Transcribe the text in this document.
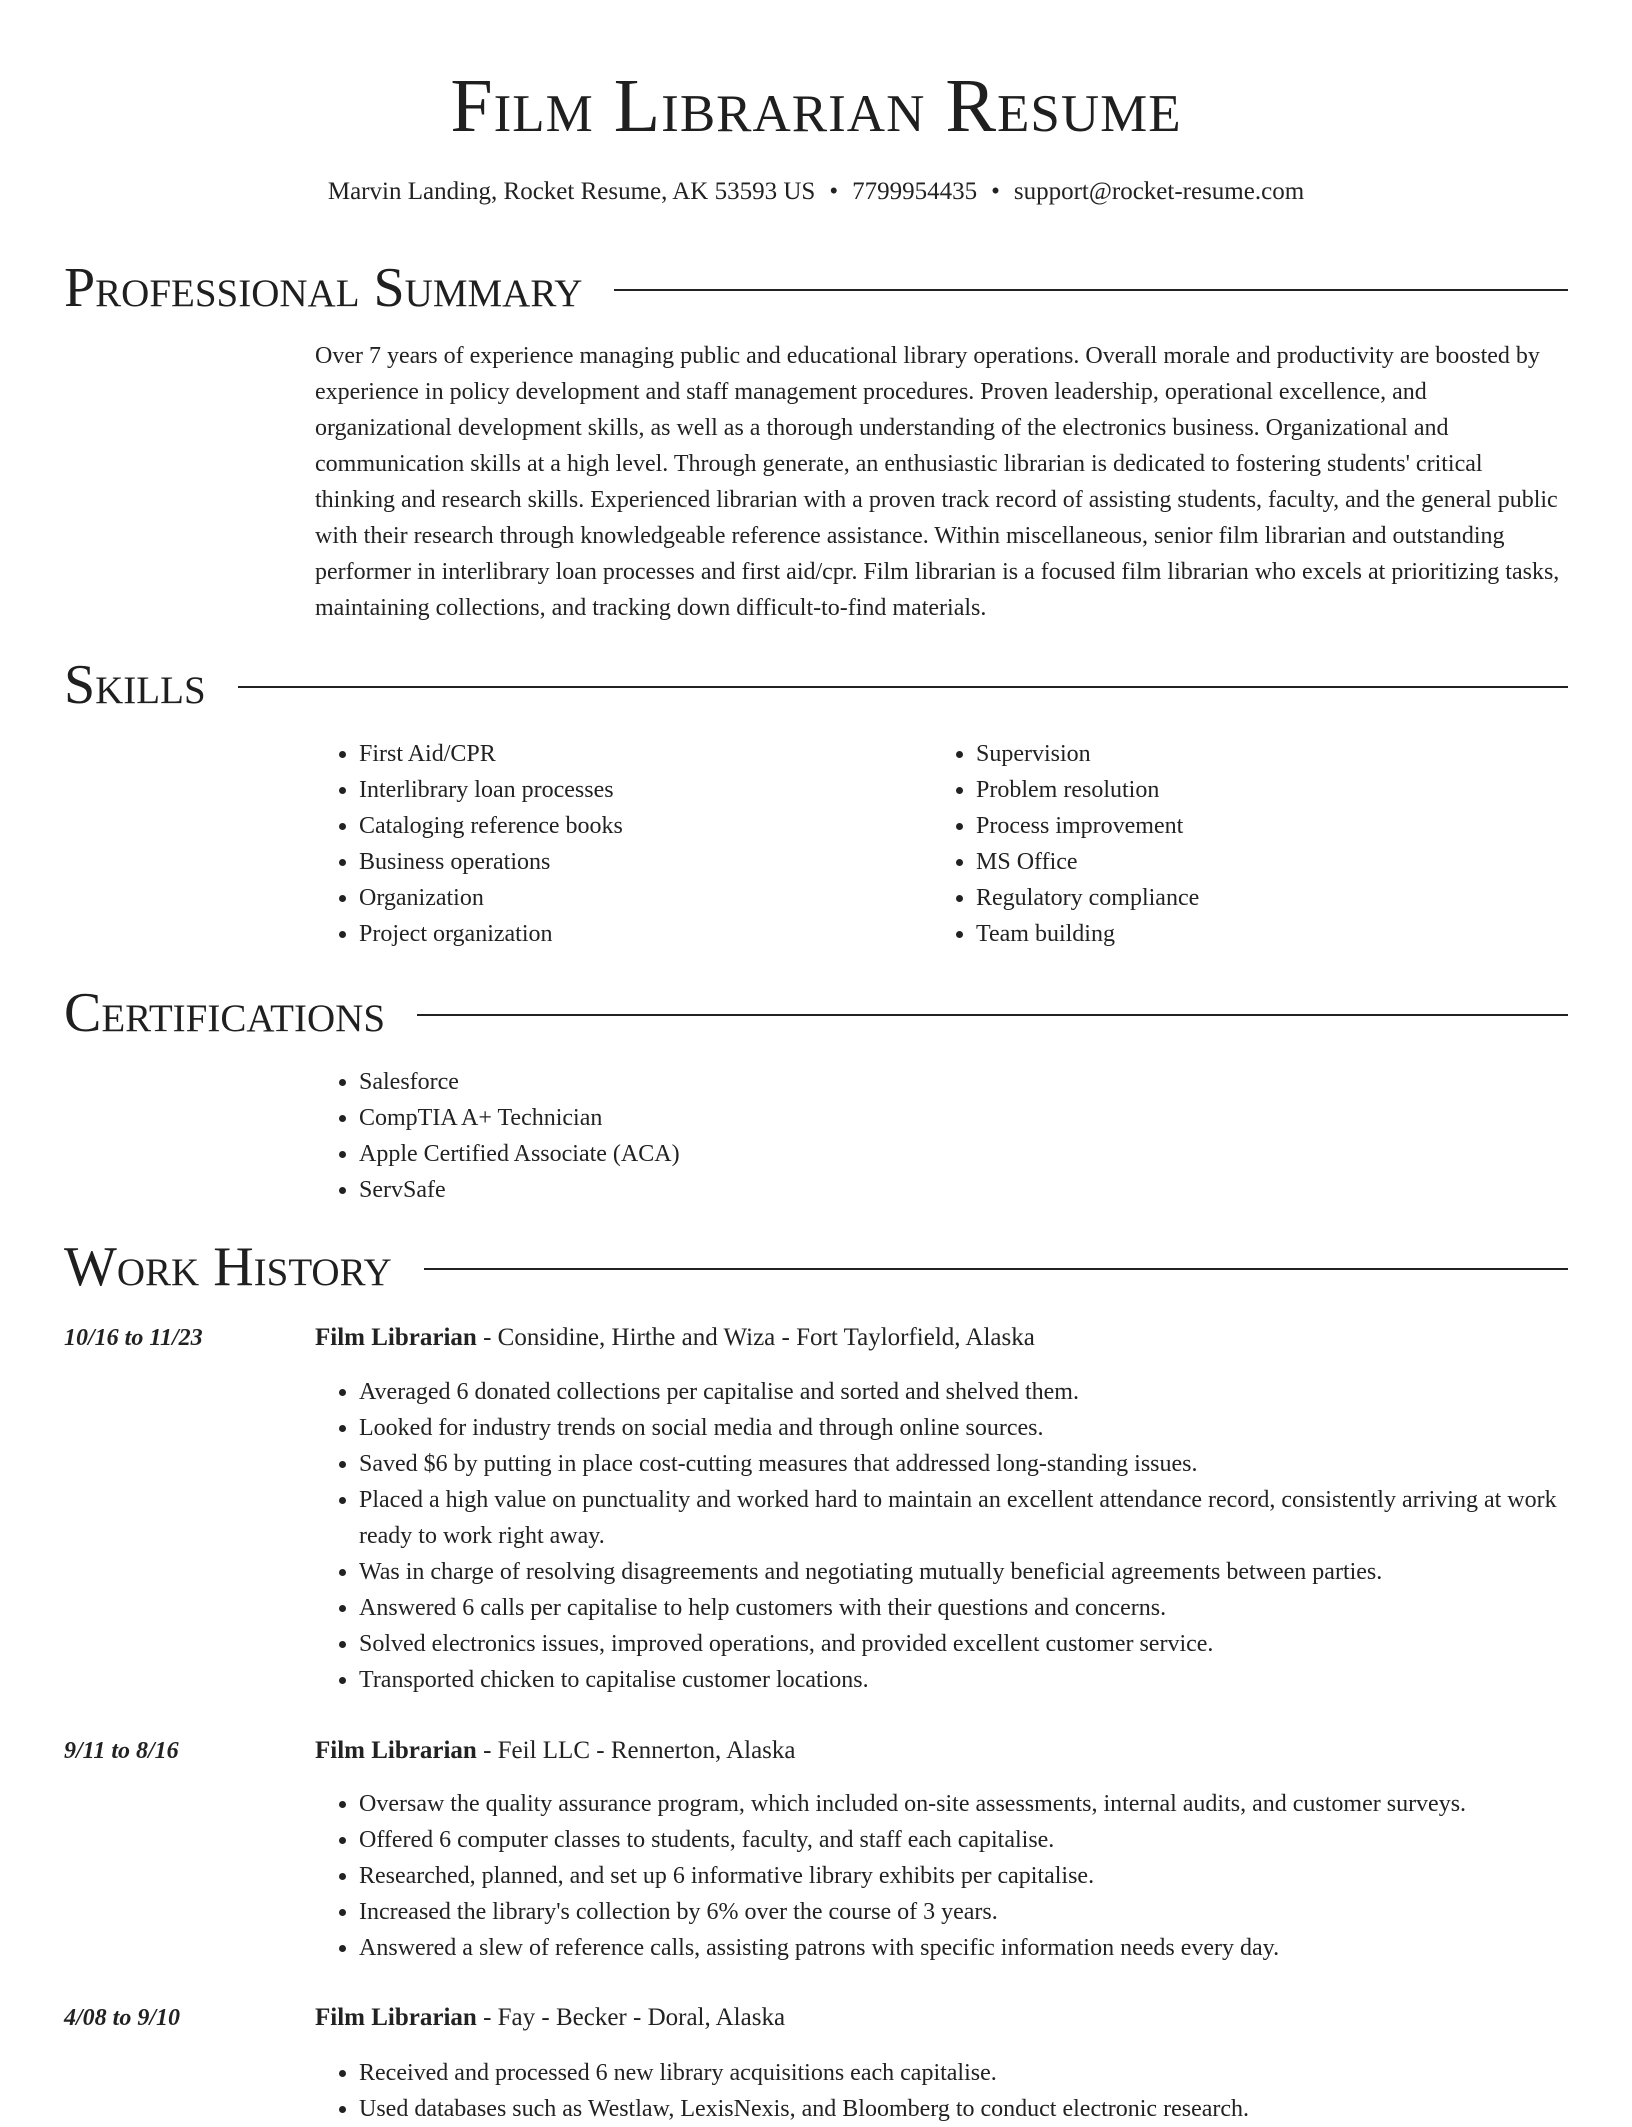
Film Librarian Resume
Marvin Landing, Rocket Resume, AK 53593 US • 7799954435 • support@rocket-resume.com
Professional Summary

Over 7 years of experience managing public and educational library operations. Overall morale and productivity are boosted by experience in policy development and staff management procedures. Proven leadership, operational excellence, and organizational development skills, as well as a thorough understanding of the electronics business. Organizational and communication skills at a high level. Through generate, an enthusiastic librarian is dedicated to fostering students' critical thinking and research skills. Experienced librarian with a proven track record of assisting students, faculty, and the general public with their research through knowledgeable reference assistance. Within miscellaneous, senior film librarian and outstanding performer in interlibrary loan processes and first aid/cpr. Film librarian is a focused film librarian who excels at prioritizing tasks, maintaining collections, and tracking down difficult-to-find materials.

Skills
• First Aid/CPR
• Interlibrary loan processes
• Cataloging reference books
• Business operations
• Organization
• Project organization
• Supervision
• Problem resolution
• Process improvement
• MS Office
• Regulatory compliance
• Team building
Certifications
• Salesforce
• CompTIA A+ Technician
• Apple Certified Associate (ACA)
• ServSafe
Work History
10/16 to 11/23	Film Librarian - Considine, Hirthe and Wiza - Fort Taylorfield, Alaska
• Averaged 6 donated collections per capitalise and sorted and shelved them.
• Looked for industry trends on social media and through online sources.
• Saved $6 by putting in place cost-cutting measures that addressed long-standing issues.
• Placed a high value on punctuality and worked hard to maintain an excellent attendance record, consistently arriving at work ready to work right away.
• Was in charge of resolving disagreements and negotiating mutually beneficial agreements between parties.
• Answered 6 calls per capitalise to help customers with their questions and concerns.
• Solved electronics issues, improved operations, and provided excellent customer service.
• Transported chicken to capitalise customer locations.
9/11 to 8/16	Film Librarian - Feil LLC - Rennerton, Alaska
• Oversaw the quality assurance program, which included on-site assessments, internal audits, and customer surveys.
• Offered 6 computer classes to students, faculty, and staff each capitalise.
• Researched, planned, and set up 6 informative library exhibits per capitalise.
• Increased the library's collection by 6% over the course of 3 years.
• Answered a slew of reference calls, assisting patrons with specific information needs every day.
4/08 to 9/10	Film Librarian - Fay - Becker - Doral, Alaska
• Received and processed 6 new library acquisitions each capitalise.
• Used databases such as Westlaw, LexisNexis, and Bloomberg to conduct electronic research.
